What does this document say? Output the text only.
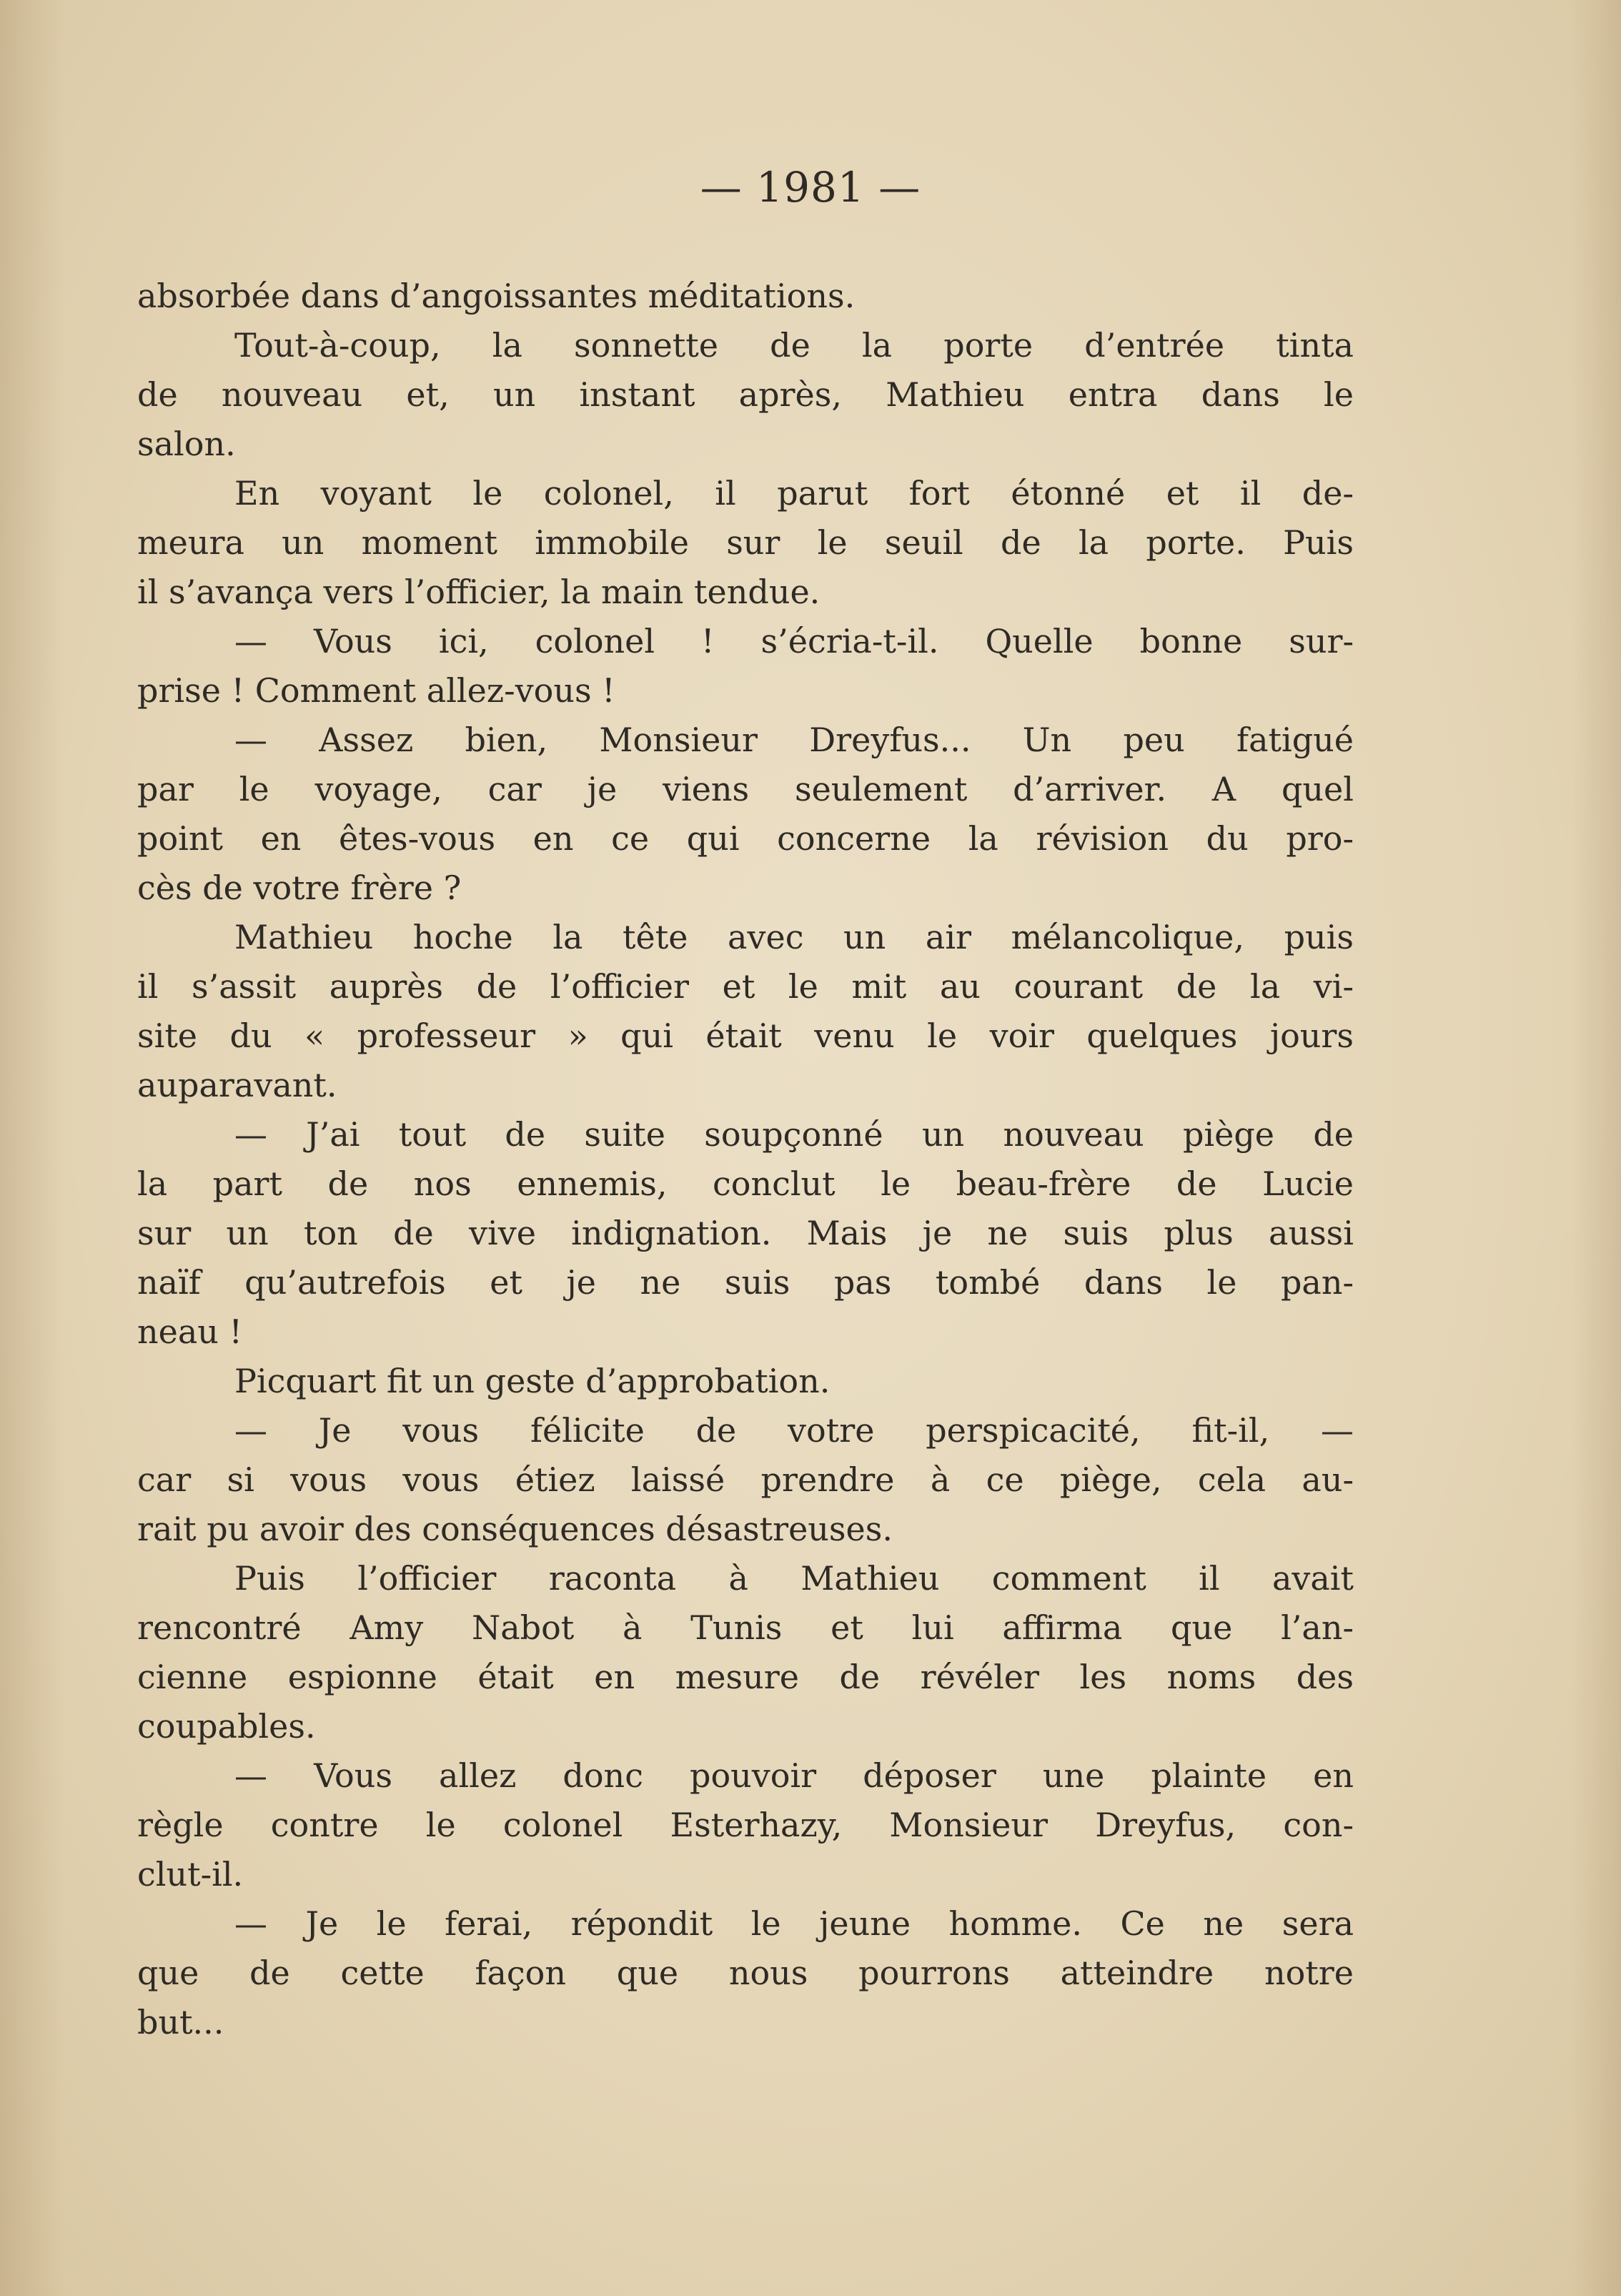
— 1981 —
absorbée dans d’angoissantes méditations.
Tout-à-coup, la sonnette de la porte d’entrée tinta
de nouveau et, un instant après, Mathieu entra dans le
salon.
En voyant le colonel, il parut fort étonné et il de-
meura un moment immobile sur le seuil de la porte. Puis
il s’avança vers l’officier, la main tendue.
— Vous ici, colonel ! s’écria-t-il. Quelle bonne sur-
prise ! Comment allez-vous !
— Assez bien, Monsieur Dreyfus... Un peu fatigué
par le voyage, car je viens seulement d’arriver. A quel
point en êtes-vous en ce qui concerne la révision du pro-
cès de votre frère ?
Mathieu hoche la tête avec un air mélancolique, puis
il s’assit auprès de l’officier et le mit au courant de la vi-
site du « professeur » qui était venu le voir quelques jours
auparavant.
— J’ai tout de suite soupçonné un nouveau piège de
la part de nos ennemis, conclut le beau-frère de Lucie
sur un ton de vive indignation. Mais je ne suis plus aussi
naïf qu’autrefois et je ne suis pas tombé dans le pan-
neau !
Picquart fit un geste d’approbation.
— Je vous félicite de votre perspicacité, fit-il, —
car si vous vous étiez laissé prendre à ce piège, cela au-
rait pu avoir des conséquences désastreuses.
Puis l’officier raconta à Mathieu comment il avait
rencontré Amy Nabot à Tunis et lui affirma que l’an-
cienne espionne était en mesure de révéler les noms des
coupables.
— Vous allez donc pouvoir déposer une plainte en
règle contre le colonel Esterhazy, Monsieur Dreyfus, con-
clut-il.
— Je le ferai, répondit le jeune homme. Ce ne sera
que de cette façon que nous pourrons atteindre notre
but...
